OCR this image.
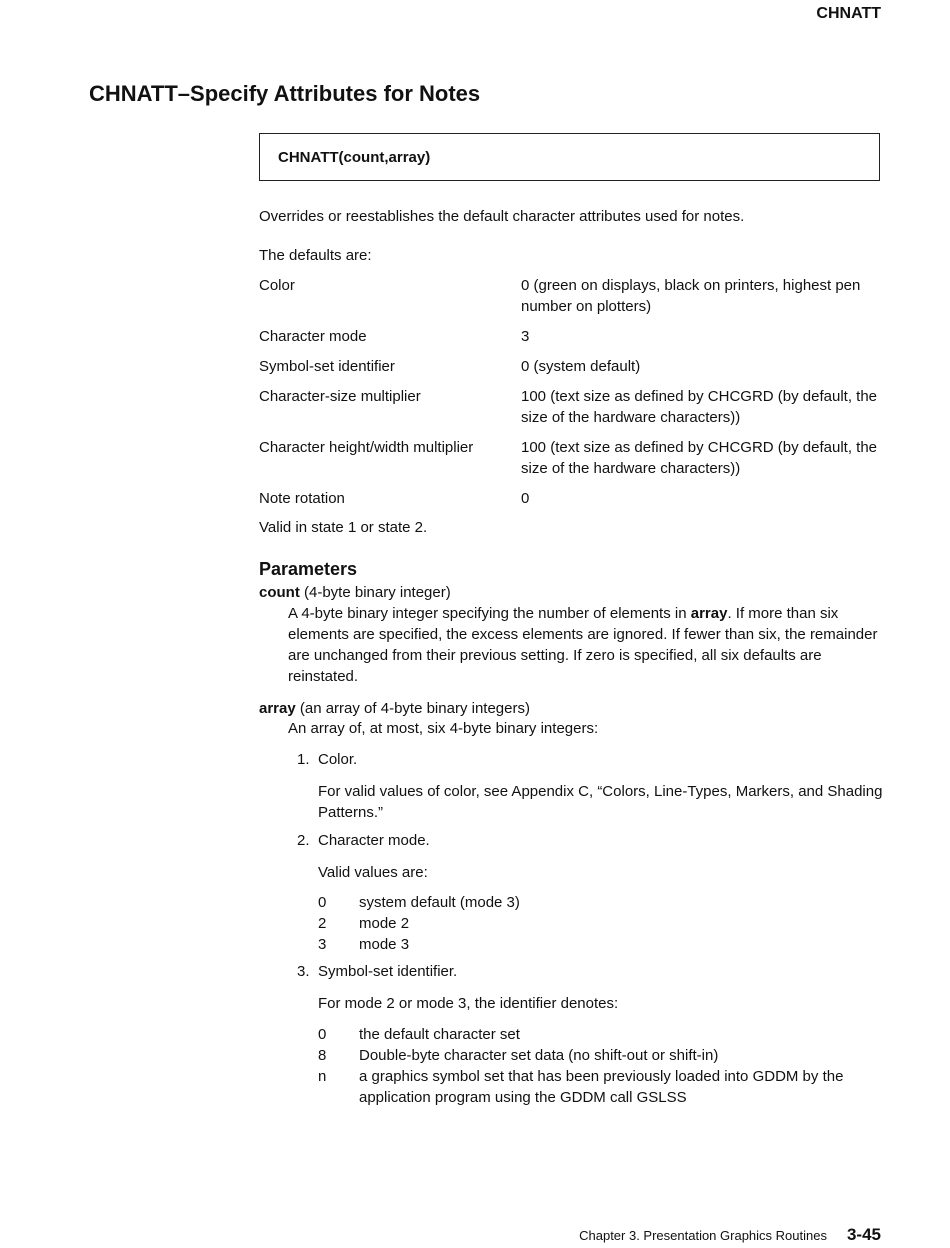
CHNATT
CHNATT–Specify Attributes for Notes
CHNATT(count,array)
Overrides or reestablishes the default character attributes used for notes.
The defaults are:
Color	0 (green on displays, black on printers, highest pen number on plotters)
Character mode	3
Symbol-set identifier	0 (system default)
Character-size multiplier	100 (text size as defined by CHCGRD (by default, the size of the hardware characters))
Character height/width multiplier	100 (text size as defined by CHCGRD (by default, the size of the hardware characters))
Note rotation	0
Valid in state 1 or state 2.
Parameters
count (4-byte binary integer)
A 4-byte binary integer specifying the number of elements in array. If more than six elements are specified, the excess elements are ignored. If fewer than six, the remainder are unchanged from their previous setting. If zero is specified, all six defaults are reinstated.
array (an array of 4-byte binary integers)
An array of, at most, six 4-byte binary integers:
1. Color.
For valid values of color, see Appendix C, “Colors, Line-Types, Markers, and Shading Patterns.”
2. Character mode.
Valid values are:
0	system default (mode 3)
2	mode 2
3	mode 3
3. Symbol-set identifier.
For mode 2 or mode 3, the identifier denotes:
0	the default character set
8	Double-byte character set data (no shift-out or shift-in)
n	a graphics symbol set that has been previously loaded into GDDM by the application program using the GDDM call GSLSS
Chapter 3. Presentation Graphics Routines 3-45
